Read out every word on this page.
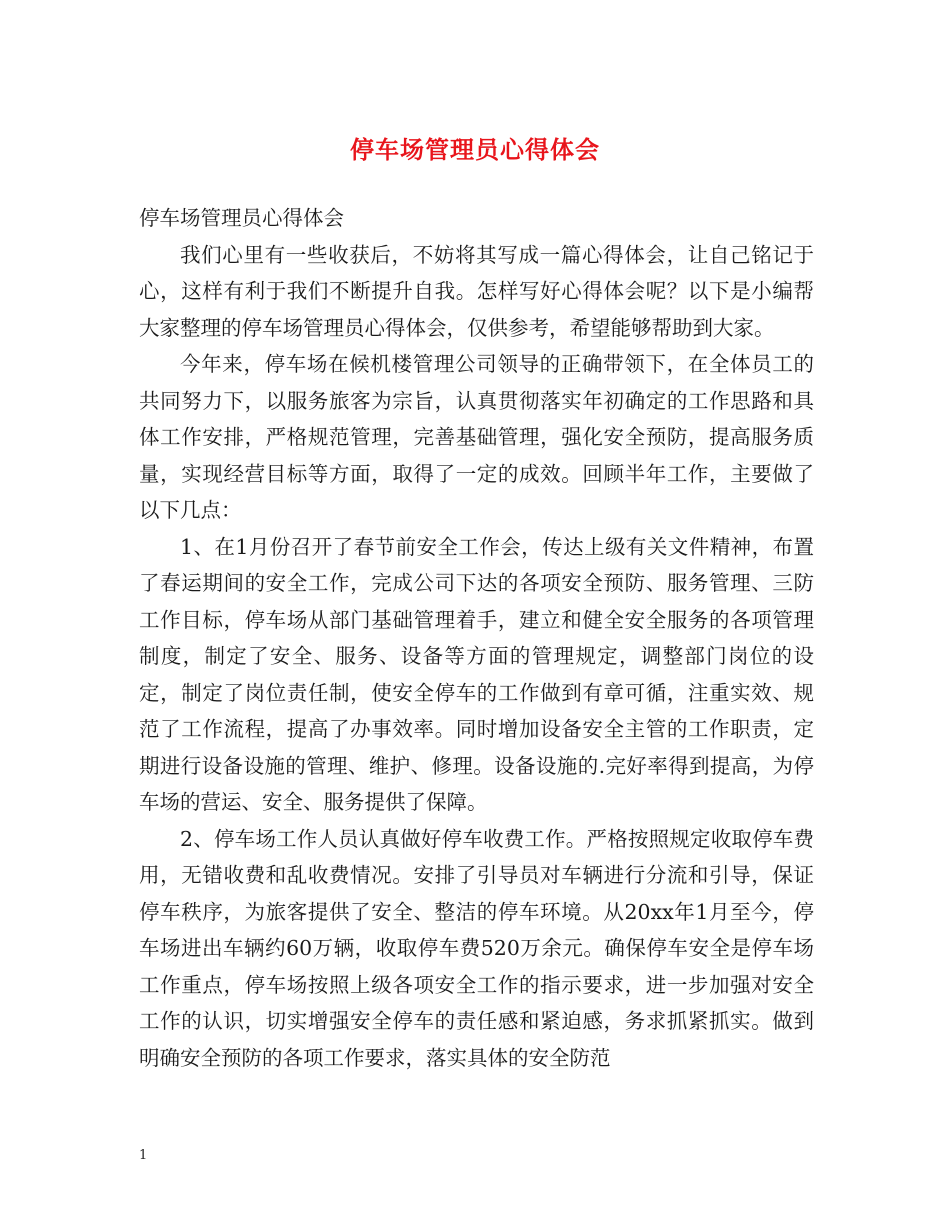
停车场管理员心得体会

停车场管理员心得体会

我们心里有一些收获后，不妨将其写成一篇心得体会，让自己铭记于心，这样有利于我们不断提升自我。怎样写好心得体会呢？以下是小编帮大家整理的停车场管理员心得体会，仅供参考，希望能够帮助到大家。

今年来，停车场在候机楼管理公司领导的正确带领下，在全体员工的共同努力下，以服务旅客为宗旨，认真贯彻落实年初确定的工作思路和具体工作安排，严格规范管理，完善基础管理，强化安全预防，提高服务质量，实现经营目标等方面，取得了一定的成效。回顾半年工作，主要做了以下几点：

1、在1月份召开了春节前安全工作会，传达上级有关文件精神，布置了春运期间的安全工作，完成公司下达的各项安全预防、服务管理、三防工作目标，停车场从部门基础管理着手，建立和健全安全服务的各项管理制度，制定了安全、服务、设备等方面的管理规定，调整部门岗位的设定，制定了岗位责任制，使安全停车的工作做到有章可循，注重实效、规范了工作流程，提高了办事效率。同时增加设备安全主管的工作职责，定期进行设备设施的管理、维护、修理。设备设施的.完好率得到提高，为停车场的营运、安全、服务提供了保障。

2、停车场工作人员认真做好停车收费工作。严格按照规定收取停车费用，无错收费和乱收费情况。安排了引导员对车辆进行分流和引导，保证停车秩序，为旅客提供了安全、整洁的停车环境。从20xx年1月至今，停车场进出车辆约60万辆，收取停车费520万余元。确保停车安全是停车场工作重点，停车场按照上级各项安全工作的指示要求，进一步加强对安全工作的认识，切实增强安全停车的责任感和紧迫感，务求抓紧抓实。做到明确安全预防的各项工作要求，落实具体的安全防范

1
